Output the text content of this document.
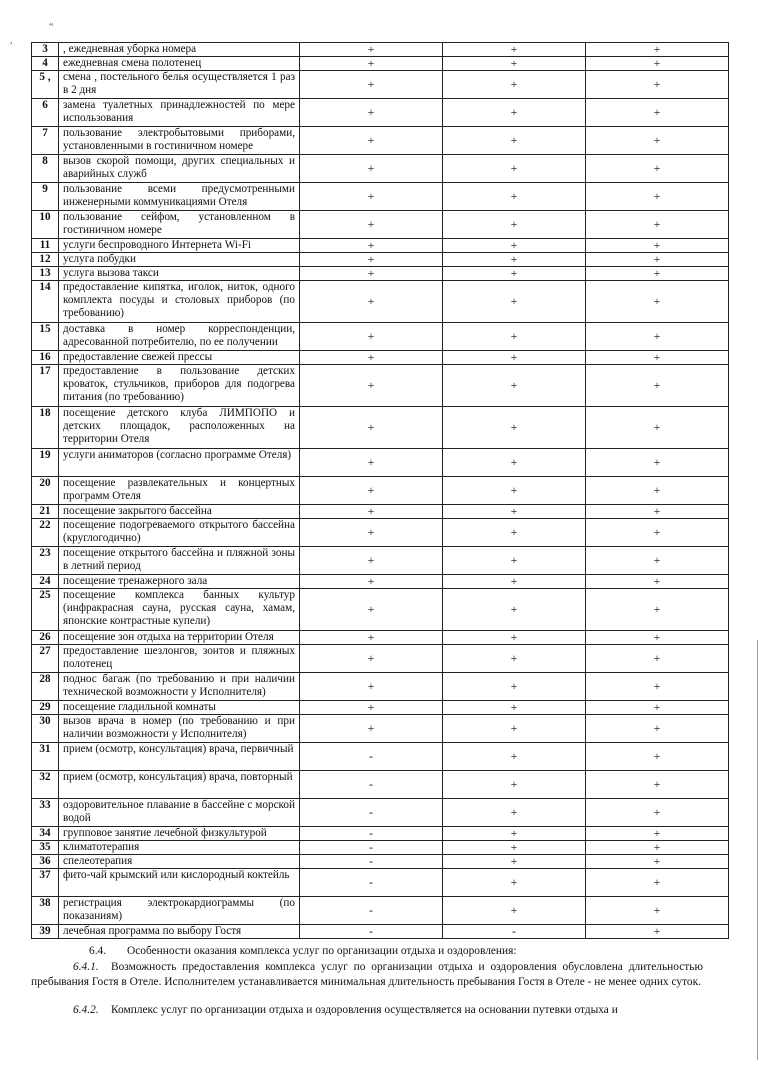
“
,
3	, ежедневная уборка номера	+	+	+
4	ежедневная смена полотенец	+	+	+
5 ,	смена , постельного белья осуществляется 1 раз в 2 дня	+	+	+
6	замена туалетных принадлежностей по мере использования	+	+	+
7	пользование электробытовыми приборами, установленными в гостиничном номере	+	+	+
8	вызов скорой помощи, других специальных и аварийных служб	+	+	+
9	пользование всеми предусмотренными инженерными коммуникациями Отеля	+	+	+
10	пользование сейфом, установленном в гостиничном номере	+	+	+
11	услуги беспроводного Интернета Wi-Fi	+	+	+
12	услуга побудки	+	+	+
13	услуга вызова такси	+	+	+
14	предоставление кипятка, иголок, ниток, одного комплекта посуды и столовых приборов (по требованию)	+	+	+
15	доставка в номер корреспонденции, адресованной потребителю, по ее получении	+	+	+
16	предоставление свежей прессы	+	+	+
17	предоставление в пользование детских кроваток, стульчиков, приборов для подогрева питания (по требованию)	+	+	+
18	посещение детского клуба ЛИМПОПО и детских площадок, расположенных на территории Отеля	+	+	+
19	услуги аниматоров (согласно программе Отеля)	+	+	+
20	посещение развлекательных и концертных программ Отеля	+	+	+
21	посещение закрытого бассейна	+	+	+
22	посещение подогреваемого открытого бассейна (круглогодично)	+	+	+
23	посещение открытого бассейна и пляжной зоны в летний период	+	+	+
24	посещение тренажерного зала	+	+	+
25	посещение комплекса банных культур (инфракрасная сауна, русская сауна, хамам, японские контрастные купели)	+	+	+
26	посещение зон отдыха на территории Отеля	+	+	+
27	предоставление шезлонгов, зонтов и пляжных полотенец	+	+	+
28	поднос багаж (по требованию и при наличии технической возможности у Исполнителя)	+	+	+
29	посещение гладильной комнаты	+	+	+
30	вызов врача в номер (по требованию и при наличии возможности у Исполнителя)	+	+	+
31	прием (осмотр, консультация) врача, первичный	-	+	+
32	прием (осмотр, консультация) врача, повторный	-	+	+
33	оздоровительное плавание в бассейне с морской водой	-	+	+
34	групповое занятие лечебной физкультурой	-	+	+
35	климатотерапия	-	+	+
36	спелеотерапия	-	+	+
37	фито-чай крымский или кислородный коктейль	-	+	+
38	регистрация электрокардиограммы (по показаниям)	-	+	+
39	лечебная программа по выбору Гостя	-	-	+
6.4. Особенности оказания комплекса услуг по организации отдыха и оздоровления:
6.4.1. Возможность предоставления комплекса услуг по организации отдыха и оздоровления обусловлена длительностью пребывания Гостя в Отеле. Исполнителем устанавливается минимальная длительность пребывания Гостя в Отеле - не менее одних суток.
6.4.2. Комплекс услуг по организации отдыха и оздоровления осуществляется на основании путевки отдыха и
